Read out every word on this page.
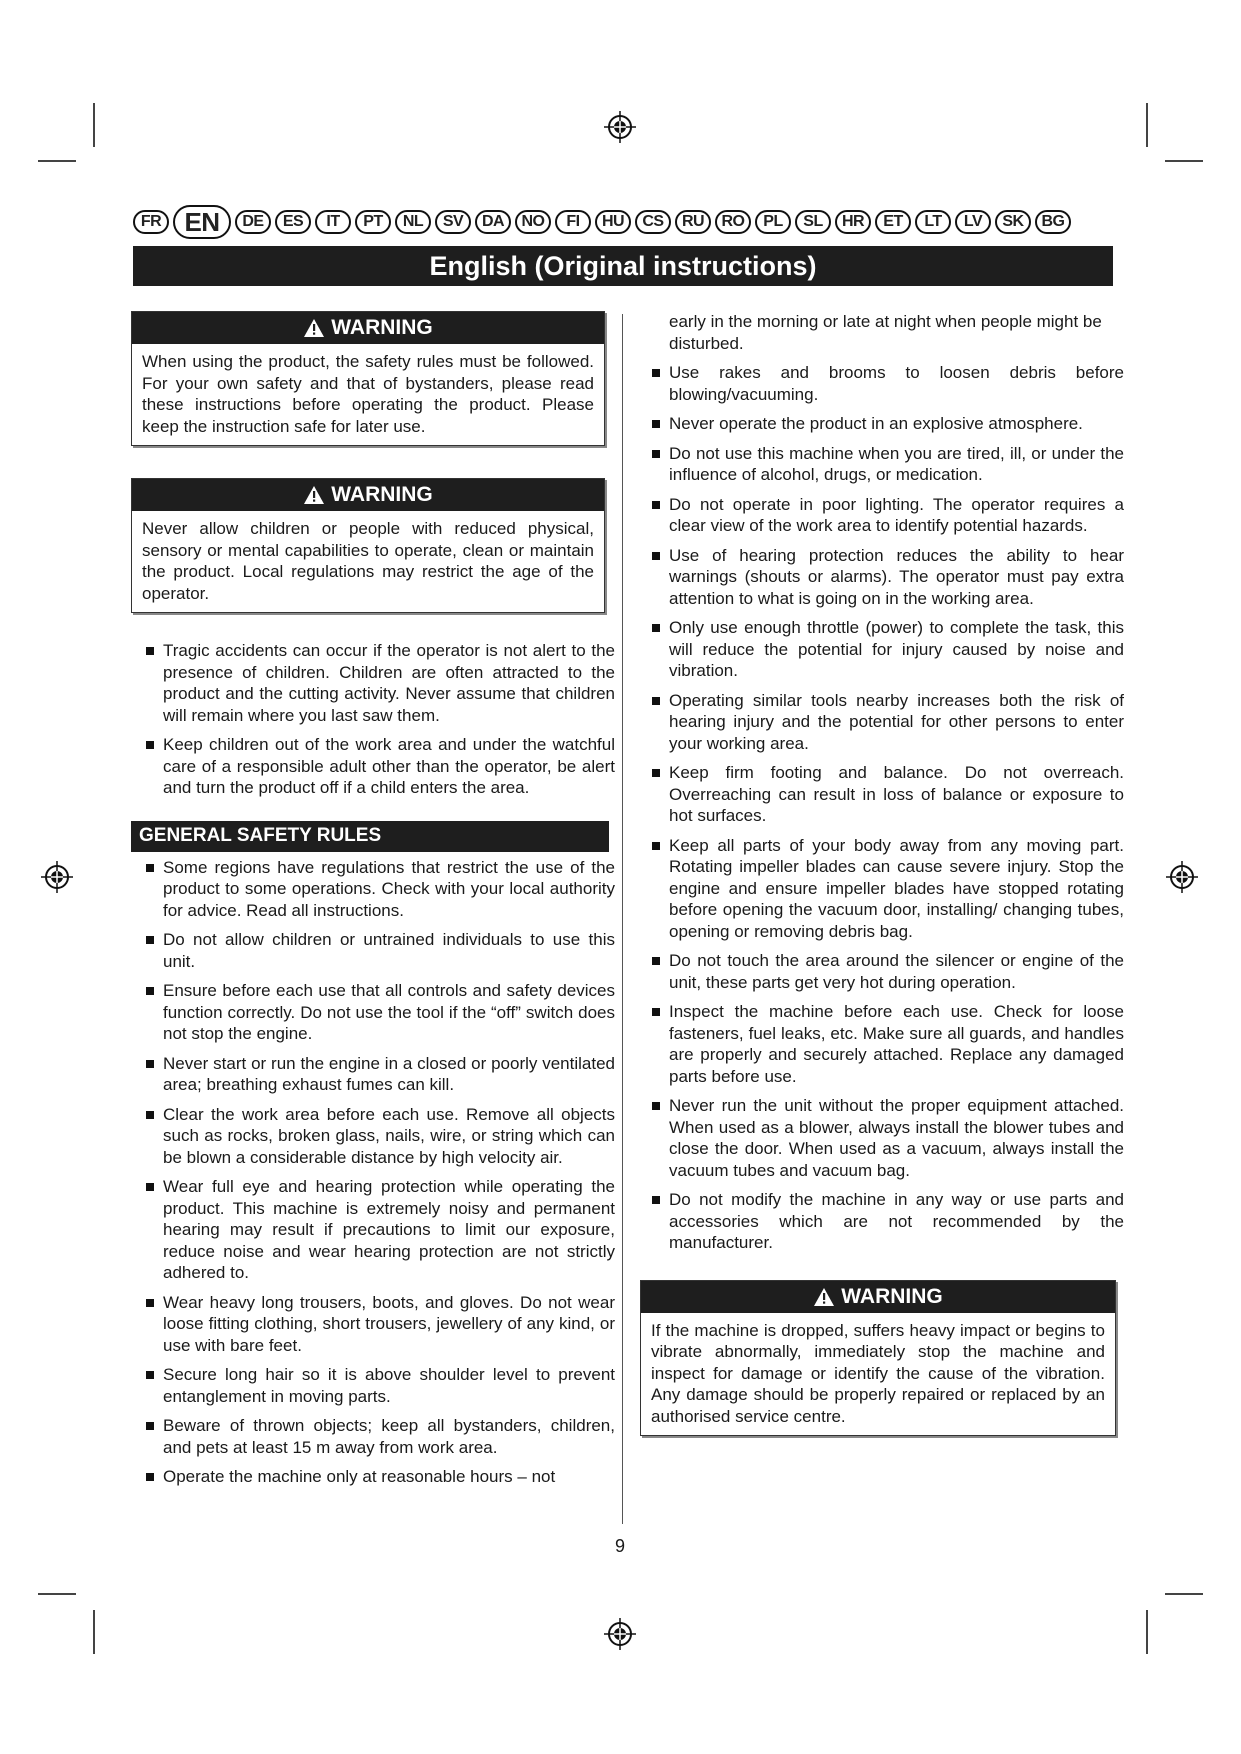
FR EN	DE	ES	IT	PT	NL	SV	DA	NO	FI	HU	CS	RU	RO	PL	SL	HR	ET	LT	LV	SK	BG
English (Original instructions)
WARNING
When using the product, the safety rules must be followed. For your own safety and that of bystanders, please read these instructions before operating the product. Please keep the instruction safe for later use.
WARNING
Never allow children or people with reduced physical, sensory or mental capabilities to operate, clean or maintain the product. Local regulations may restrict the age of the operator.
Tragic accidents can occur if the operator is not alert to the presence of children. Children are often attracted to the product and the cutting activity. Never assume that children will remain where you last saw them.
Keep children out of the work area and under the watchful care of a responsible adult other than the operator, be alert and turn the product off if a child enters the area.
GENERAL SAFETY RULES
Some regions have regulations that restrict the use of the product to some operations. Check with your local authority for advice. Read all instructions.
Do not allow children or untrained individuals to use this unit.
Ensure before each use that all controls and safety devices function correctly. Do not use the tool if the “off” switch does not stop the engine.
Never start or run the engine in a closed or poorly ventilated area; breathing exhaust fumes can kill.
Clear the work area before each use. Remove all objects such as rocks, broken glass, nails, wire, or string which can be blown a considerable distance by high velocity air.
Wear full eye and hearing protection while operating the product. This machine is extremely noisy and permanent hearing may result if precautions to limit our exposure, reduce noise and wear hearing protection are not strictly adhered to.
Wear heavy long trousers, boots, and gloves. Do not wear loose fitting clothing, short trousers, jewellery of any kind, or use with bare feet.
Secure long hair so it is above shoulder level to prevent entanglement in moving parts.
Beware of thrown objects; keep all bystanders, children, and pets at least 15 m away from work area.
Operate the machine only at reasonable hours – not

early in the morning or late at night when people might be disturbed.

Use rakes and brooms to loosen debris before blowing/vacuuming.
Never operate the product in an explosive atmosphere.
Do not use this machine when you are tired, ill, or under the influence of alcohol, drugs, or medication.
Do not operate in poor lighting. The operator requires a clear view of the work area to identify potential hazards.
Use of hearing protection reduces the ability to hear warnings (shouts or alarms). The operator must pay extra attention to what is going on in the working area.
Only use enough throttle (power) to complete the task, this will reduce the potential for injury caused by noise and vibration.
Operating similar tools nearby increases both the risk of hearing injury and the potential for other persons to enter your working area.
Keep firm footing and balance. Do not overreach. Overreaching can result in loss of balance or exposure to hot surfaces.
Keep all parts of your body away from any moving part. Rotating impeller blades can cause severe injury. Stop the engine and ensure impeller blades have stopped rotating before opening the vacuum door, installing/ changing tubes, opening or removing debris bag.
Do not touch the area around the silencer or engine of the unit, these parts get very hot during operation.
Inspect the machine before each use. Check for loose fasteners, fuel leaks, etc. Make sure all guards, and handles are properly and securely attached. Replace any damaged parts before use.
Never run the unit without the proper equipment attached. When used as a blower, always install the blower tubes and close the door. When used as a vacuum, always install the vacuum tubes and vacuum bag.
Do not modify the machine in any way or use parts and accessories which are not recommended by the manufacturer.
WARNING
If the machine is dropped, suffers heavy impact or begins to vibrate abnormally, immediately stop the machine and inspect for damage or identify the cause of the vibration. Any damage should be properly repaired or replaced by an authorised service centre.
9
